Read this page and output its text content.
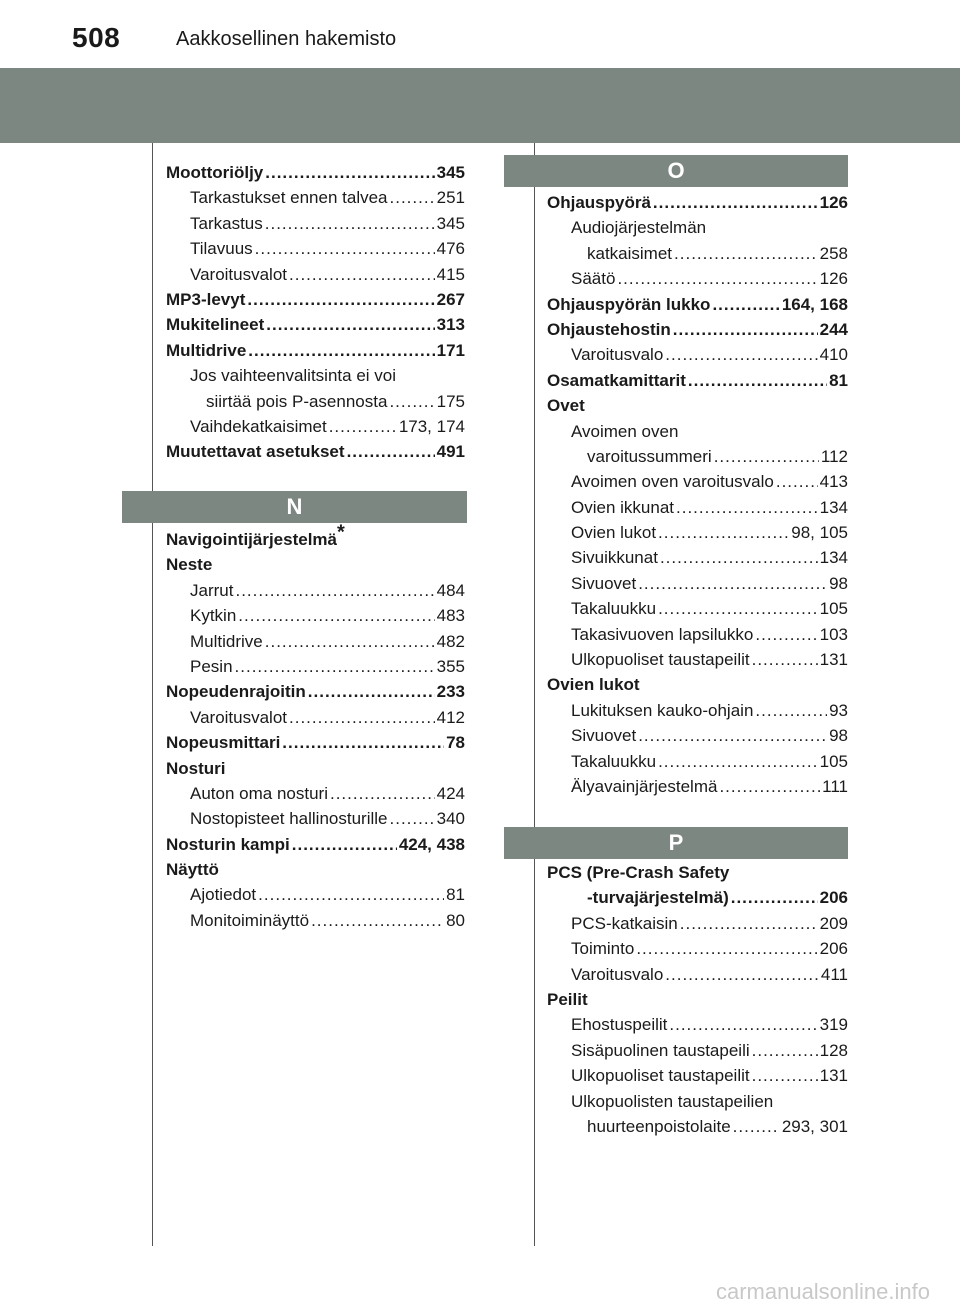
508	Aakkosellinen hakemisto
Moottoriöljy .....	345
Tarkastukset ennen talvea .....	251
Tarkastus .....	345
Tilavuus .....	476
Varoitusvalot .....	415
MP3-levyt .....	267
Mukitelineet .....	313
Multidrive .....	171
Jos vaihteenvalitsinta ei voi
siirtää pois P-asennosta .....	175
Vaihdekatkaisimet .....	173, 174
Muutettavat asetukset .....	491
N
Navigointijärjestelmä*
Neste
Jarrut .....	484
Kytkin .....	483
Multidrive .....	482
Pesin .....	355
Nopeudenrajoitin .....	233
Varoitusvalot .....	412
Nopeusmittari .....	78
Nosturi
Auton oma nosturi .....	424
Nostopisteet hallinosturille .....	340
Nosturin kampi .....	424, 438
Näyttö
Ajotiedot .....	81
Monitoiminäyttö .....	80
O
Ohjauspyörä .....	126
Audiojärjestelmän
katkaisimet .....	258
Säätö .....	126
Ohjauspyörän lukko .....	164, 168
Ohjaustehostin .....	244
Varoitusvalo .....	410
Osamatkamittarit .....	81
Ovet
Avoimen oven
varoitussummeri .....	112
Avoimen oven varoitusvalo .....	413
Ovien ikkunat .....	134
Ovien lukot .....	98, 105
Sivuikkunat .....	134
Sivuovet .....	98
Takaluukku .....	105
Takasivuoven lapsilukko .....	103
Ulkopuoliset taustapeilit .....	131
Ovien lukot
Lukituksen kauko-ohjain .....	93
Sivuovet .....	98
Takaluukku .....	105
Älyavainjärjestelmä .....	111
P
PCS (Pre-Crash Safety
-turvajärjestelmä) .....	206
PCS-katkaisin .....	209
Toiminto .....	206
Varoitusvalo .....	411
Peilit
Ehostuspeilit .....	319
Sisäpuolinen taustapeili .....	128
Ulkopuoliset taustapeilit .....	131
Ulkopuolisten taustapeilien
huurteenpoistolaite .....	293, 301
carmanualsonline.info
